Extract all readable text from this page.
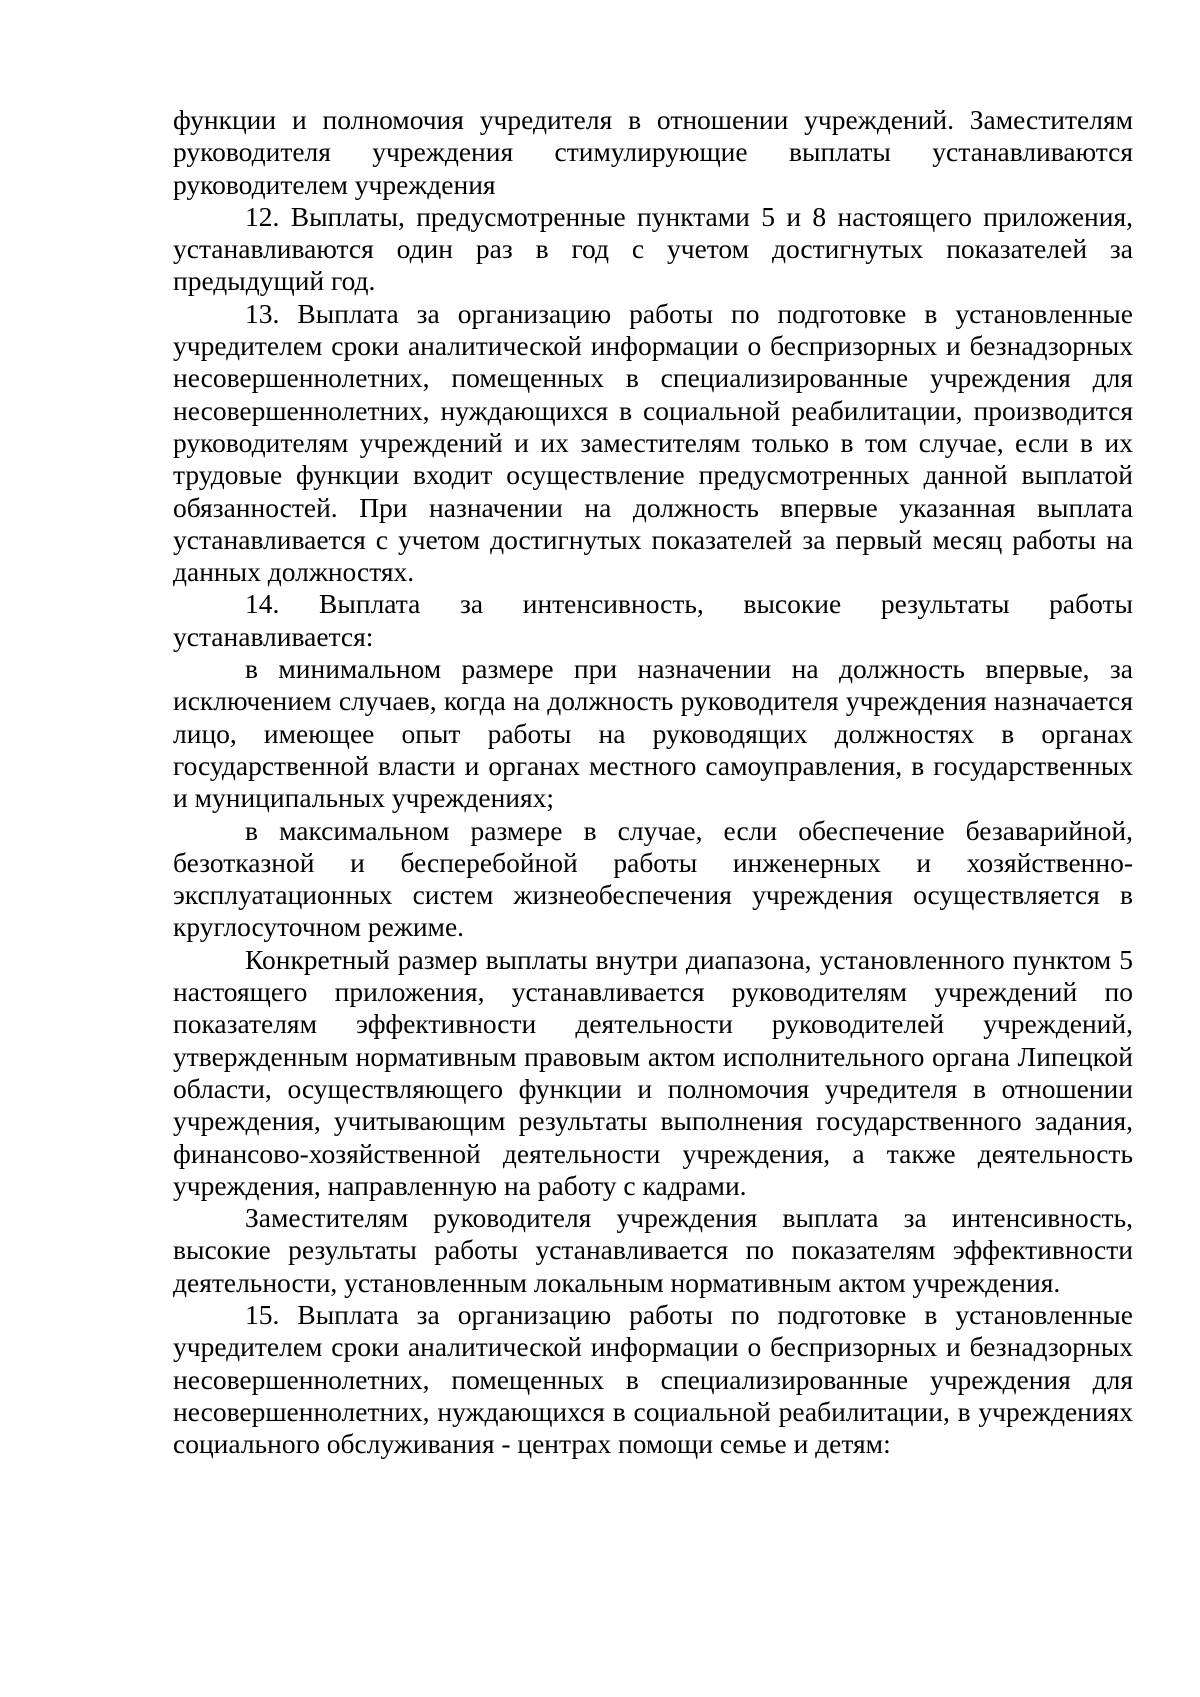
функции и полномочия учредителя в отношении учреждений. Заместителям руководителя учреждения стимулирующие выплаты устанавливаются руководителем учреждения

12. Выплаты, предусмотренные пунктами 5 и 8 настоящего приложения, устанавливаются один раз в год с учетом достигнутых показателей за предыдущий год.

13. Выплата за организацию работы по подготовке в установленные учредителем сроки аналитической информации о беспризорных и безнадзорных несовершеннолетних, помещенных в специализированные учреждения для несовершеннолетних, нуждающихся в социальной реабилитации, производится руководителям учреждений и их заместителям только в том случае, если в их трудовые функции входит осуществление предусмотренных данной выплатой обязанностей. При назначении на должность впервые указанная выплата устанавливается с учетом достигнутых показателей за первый месяц работы на данных должностях.

14. Выплата за интенсивность, высокие результаты работы устанавливается:

в минимальном размере при назначении на должность впервые, за исключением случаев, когда на должность руководителя учреждения назначается лицо, имеющее опыт работы на руководящих должностях в органах государственной власти и органах местного самоуправления, в государственных и муниципальных учреждениях;

в максимальном размере в случае, если обеспечение безаварийной, безотказной и бесперебойной работы инженерных и хозяйственно-эксплуатационных систем жизнеобеспечения учреждения осуществляется в круглосуточном режиме.

Конкретный размер выплаты внутри диапазона, установленного пунктом 5 настоящего приложения, устанавливается руководителям учреждений по показателям эффективности деятельности руководителей учреждений, утвержденным нормативным правовым актом исполнительного органа Липецкой области, осуществляющего функции и полномочия учредителя в отношении учреждения, учитывающим результаты выполнения государственного задания, финансово-хозяйственной деятельности учреждения, а также деятельность учреждения, направленную на работу с кадрами.

Заместителям руководителя учреждения выплата за интенсивность, высокие результаты работы устанавливается по показателям эффективности деятельности, установленным локальным нормативным актом учреждения.

15. Выплата за организацию работы по подготовке в установленные учредителем сроки аналитической информации о беспризорных и безнадзорных несовершеннолетних, помещенных в специализированные учреждения для несовершеннолетних, нуждающихся в социальной реабилитации, в учреждениях социального обслуживания - центрах помощи семье и детям:
